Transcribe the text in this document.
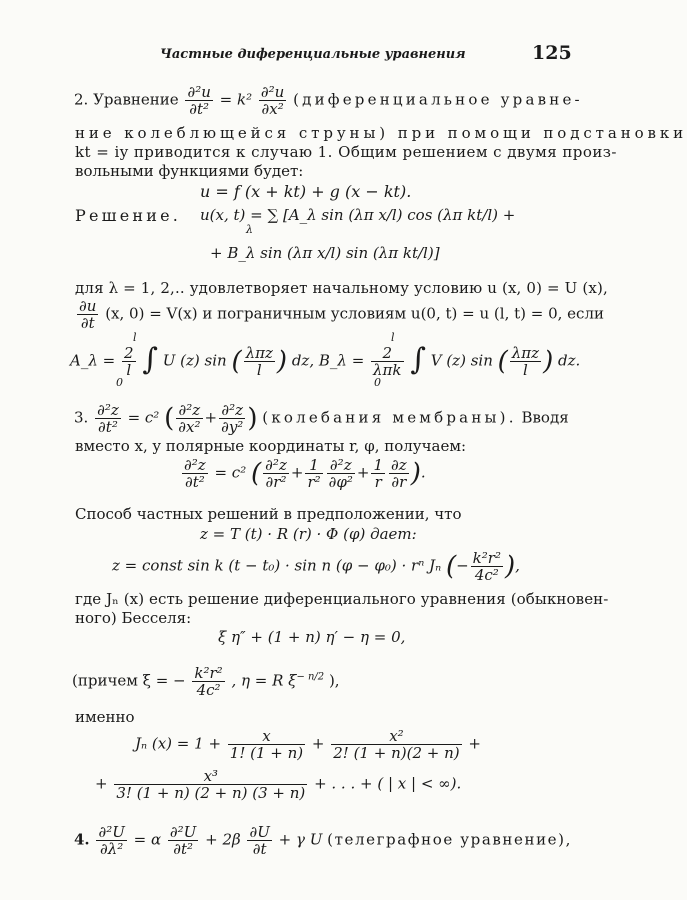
Частные диференциальные уравнения	125
2. Уравнение $\frac{\text{∂²u}}{\text{∂t²}} = k^2 \frac{\text{∂²u}}{\text{∂x²}}$ (диференциальное уравне-
ние колеблющейся струны) при помощи подстановки
kt = iy приводится к случаю 1. Общим решением с двумя произ-
вольными функциями будет:
u = f (x + kt) + g (x − kt).
Решение. u(x, t) = ∑ [A_λ sin (λπ x/l) cos (λπ kt/l) +
λ
+ B_λ sin (λπ x/l) sin (λπ kt/l)]
для λ = 1, 2,.. удовлетворяет начальному условию u (x, 0) = U (x),
$\frac{\partial u}{\partial t} (x$, 0) = V(x) и пограничным условиям u(0, t) = u (l, t) = 0, если
A_λ = $\frac{2}{l}$ ∫ U (z) sin ( $\frac{\text{λπz}}{l}$ ) dz, B_λ = $\frac{2}{\text{λπk}}$ ∫ V (z) sin ( $\frac{\text{λπz}}{l}$ ) dz.
l
0
l
0
3. $\frac{\text{∂²z}}{\text{∂t²}} = c^2$ ( $\frac{\text{∂²z}}{\text{∂x²}} + \frac{\text{∂²z}}{\text{∂y²}}$ ) (колебания мембраны). Вводя
вместо x, y полярные координаты r, φ, получаем:
$\frac{\text{∂²z}}{\text{∂t²}} = c^2$ ( $\frac{\text{∂²z}}{\text{∂r²}} + \frac{1}{\text{r²}} \frac{\text{∂²z}}{\text{∂φ²}} + \frac{1}{r} \frac{\partial z}{\partial r}$ ).
Способ частных решений в предположении, что
z = T (t) · R (r) · Φ (φ) дает:
z = const sin k (t − t₀) · sin n (φ − φ₀) · rⁿ Jₙ (− $\frac{\text{k²r²}}{\text{4c²}}$ ),
где Jₙ (x) есть решение диференциального уравнения (обыкновен-
ного) Бесселя:
ξ η″ + (1 + n) η′ − η = 0,
(причем ξ = − $\frac{\text{k²r²}}{\text{4c²}}$ , η = R $\xi^{- n/2}$ ),
именно
Jₙ $(x) = 1 + \frac{x}{1! (1 + n)} + \frac{\text{x²}}{2! (1 + n)(2 + n)}$ +
+ $\frac{\text{x³}}{3! (1 + n) (2 + n) (3 + n)}$ + . . . + ( | x | < ∞).
4. $\frac{\text{∂²U}}{\text{∂λ²}} = \alpha \frac{\text{∂²U}}{\text{∂t²}} + 2\beta \frac{\partial U}{\partial t} + \gamma$ U (телеграфное уравнение),
